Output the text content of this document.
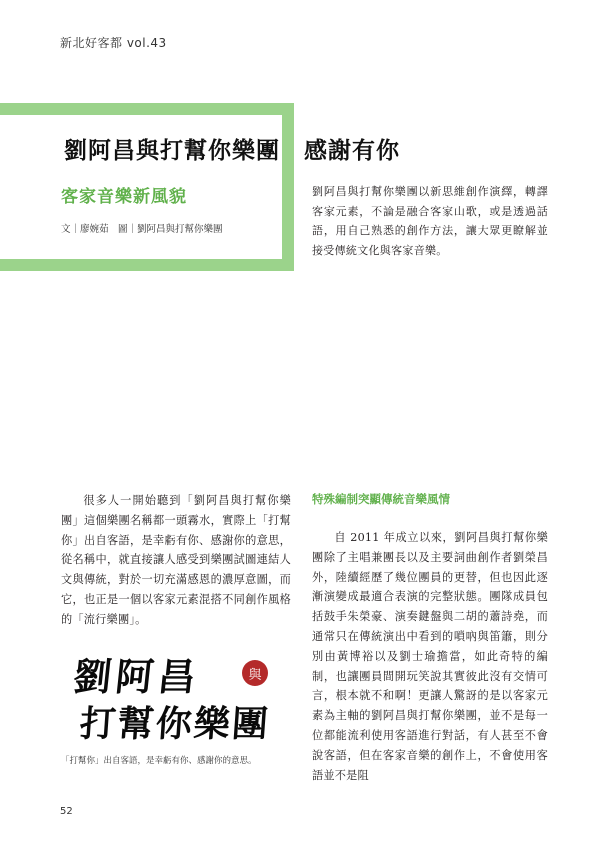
新北好客都 vol.43
劉阿昌與打幫你樂團　感謝有你
客家音樂新風貌
文｜廖婉茹　圖｜劉阿昌與打幫你樂團
劉阿昌與打幫你樂團以新思維創作演繹，轉譯客家元素，不論是融合客家山歌，或是透過話語，用自己熟悉的創作方法，讓大眾更瞭解並接受傳統文化與客家音樂。
很多人一開始聽到「劉阿昌與打幫你樂團」這個樂團名稱都一頭霧水，實際上「打幫你」出自客語，是幸虧有你、感謝你的意思，從名稱中，就直接讓人感受到樂團試圖連結人文與傳統，對於一切充滿感恩的濃厚意圖，而它，也正是一個以客家元素混搭不同創作風格的「流行樂團」。
特殊編制突顯傳統音樂風情
自 2011 年成立以來，劉阿昌與打幫你樂團除了主唱兼團長以及主要詞曲創作者劉榮昌外，陸續經歷了幾位團員的更替，但也因此逐漸演變成最適合表演的完整狀態。團隊成員包括鼓手朱榮豪、演奏鍵盤與二胡的蕭詩堯，而通常只在傳統演出中看到的嗩吶與笛簫，則分別由黃博裕以及劉士瑜擔當，如此奇特的編制，也讓團員間開玩笑說其實彼此沒有交情可言，根本就不和啊！更讓人驚訝的是以客家元素為主軸的劉阿昌與打幫你樂團，並不是每一位都能流利使用客語進行對話，有人甚至不會說客語，但在客家音樂的創作上，不會使用客語並不是阻
劉阿昌	與
打幫你樂團
「打幫你」出自客語，是幸虧有你、感謝你的意思。
52
